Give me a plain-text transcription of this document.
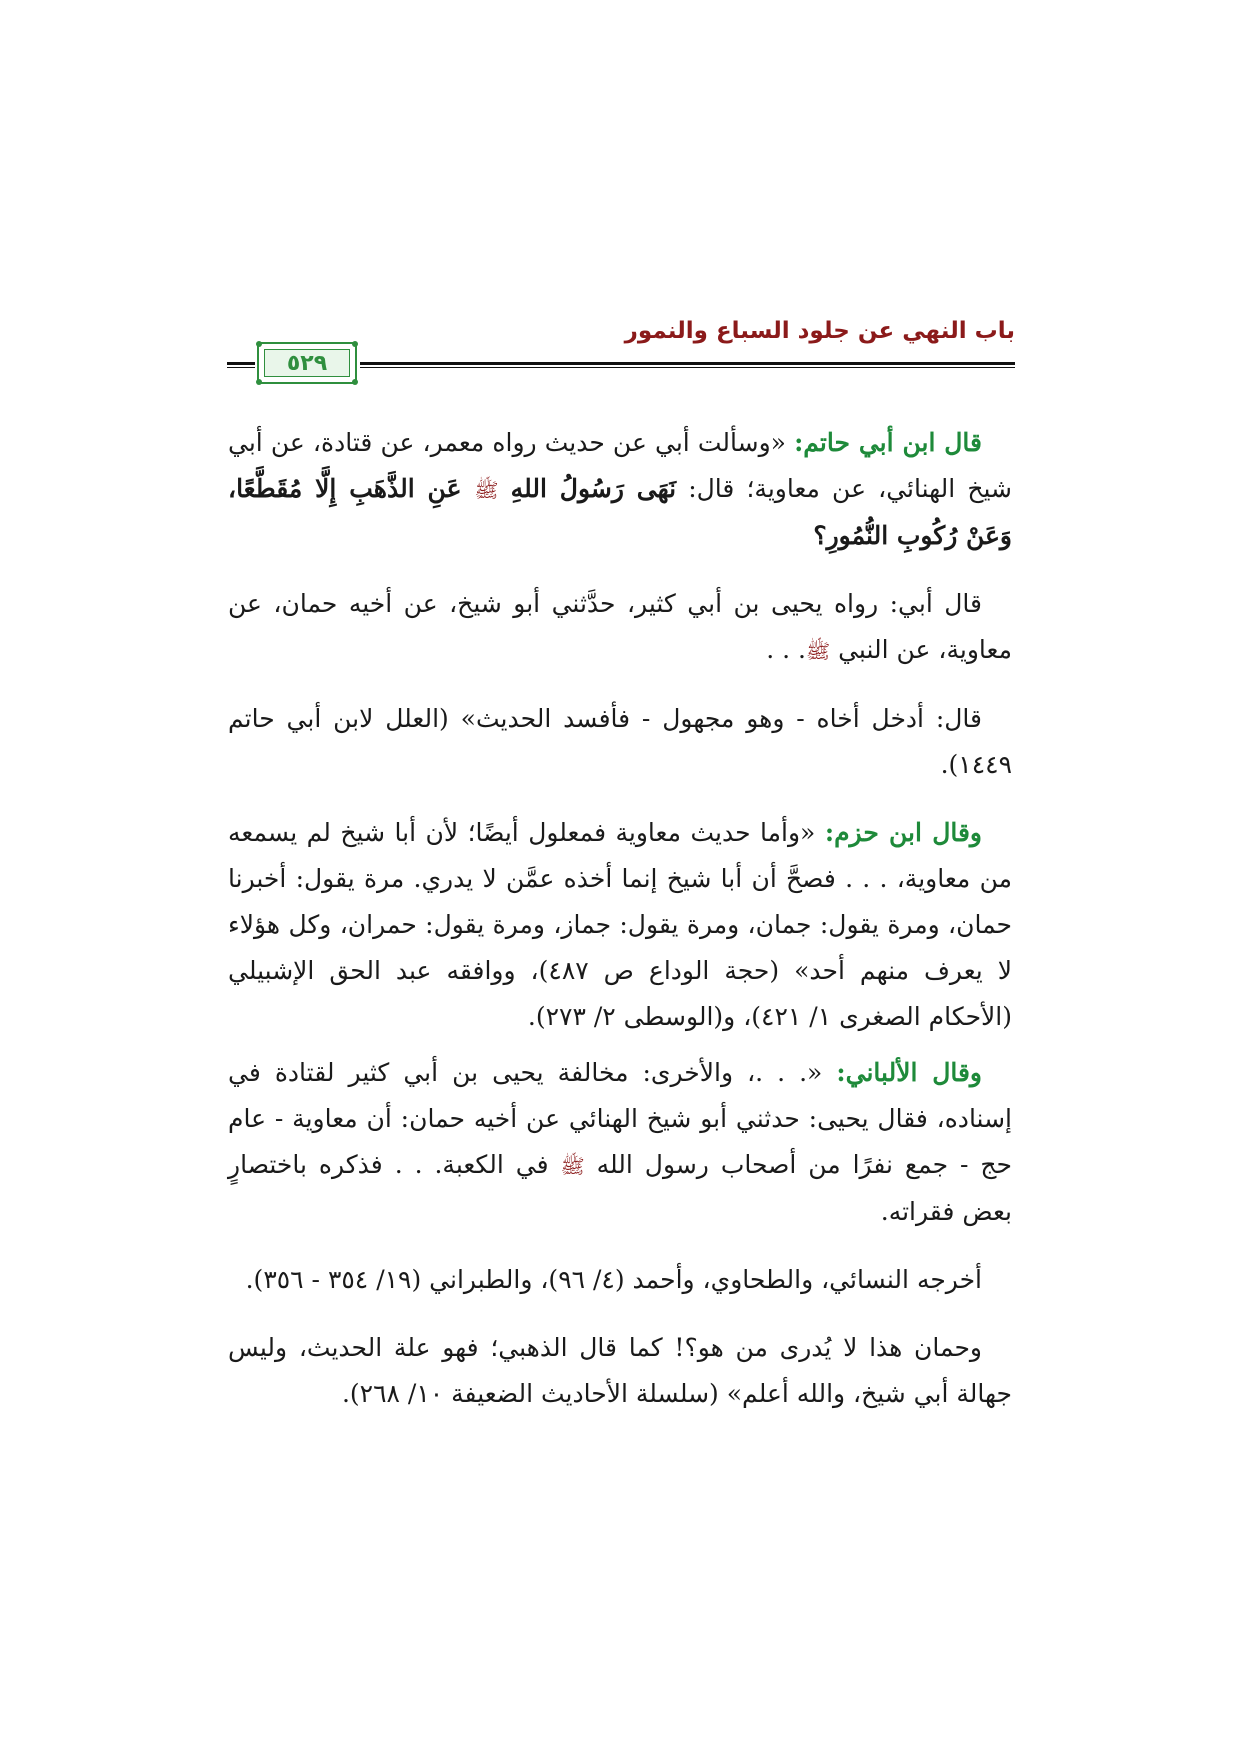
باب النهي عن جلود السباع والنمور
٥٢٩

قال ابن أبي حاتم: «وسألت أبي عن حديث رواه معمر، عن قتادة، عن أبي شيخ الهنائي، عن معاوية؛ قال: نَهَى رَسُولُ اللهِ ﷺ عَنِ الذَّهَبِ إِلَّا مُقَطَّعًا، وَعَنْ رُكُوبِ النُّمُورِ؟

قال أبي: رواه يحيى بن أبي كثير، حدَّثني أبو شيخ، عن أخيه حمان، عن معاوية، عن النبي ﷺ. . .

قال: أدخل أخاه - وهو مجهول - فأفسد الحديث» (العلل لابن أبي حاتم ١٤٤٩).

وقال ابن حزم: «وأما حديث معاوية فمعلول أيضًا؛ لأن أبا شيخ لم يسمعه من معاوية، . . . فصحَّ أن أبا شيخ إنما أخذه عمَّن لا يدري. مرة يقول: أخبرنا حمان، ومرة يقول: جمان، ومرة يقول: جماز، ومرة يقول: حمران، وكل هؤلاء لا يعرف منهم أحد» (حجة الوداع ص ٤٨٧)، ووافقه عبد الحق الإشبيلي (الأحكام الصغرى ١/ ٤٢١)، و(الوسطى ٢/ ٢٧٣).

وقال الألباني: «. . .، والأخرى: مخالفة يحيى بن أبي كثير لقتادة في إسناده، فقال يحيى: حدثني أبو شيخ الهنائي عن أخيه حمان: أن معاوية - عام حج - جمع نفرًا من أصحاب رسول الله ﷺ في الكعبة. . . فذكره باختصارٍ بعض فقراته.

أخرجه النسائي، والطحاوي، وأحمد (٤/ ٩٦)، والطبراني (١٩/ ٣٥٤ - ٣٥٦).

وحمان هذا لا يُدرى من هو؟! كما قال الذهبي؛ فهو علة الحديث، وليس جهالة أبي شيخ، والله أعلم» (سلسلة الأحاديث الضعيفة ١٠/ ٢٦٨).
